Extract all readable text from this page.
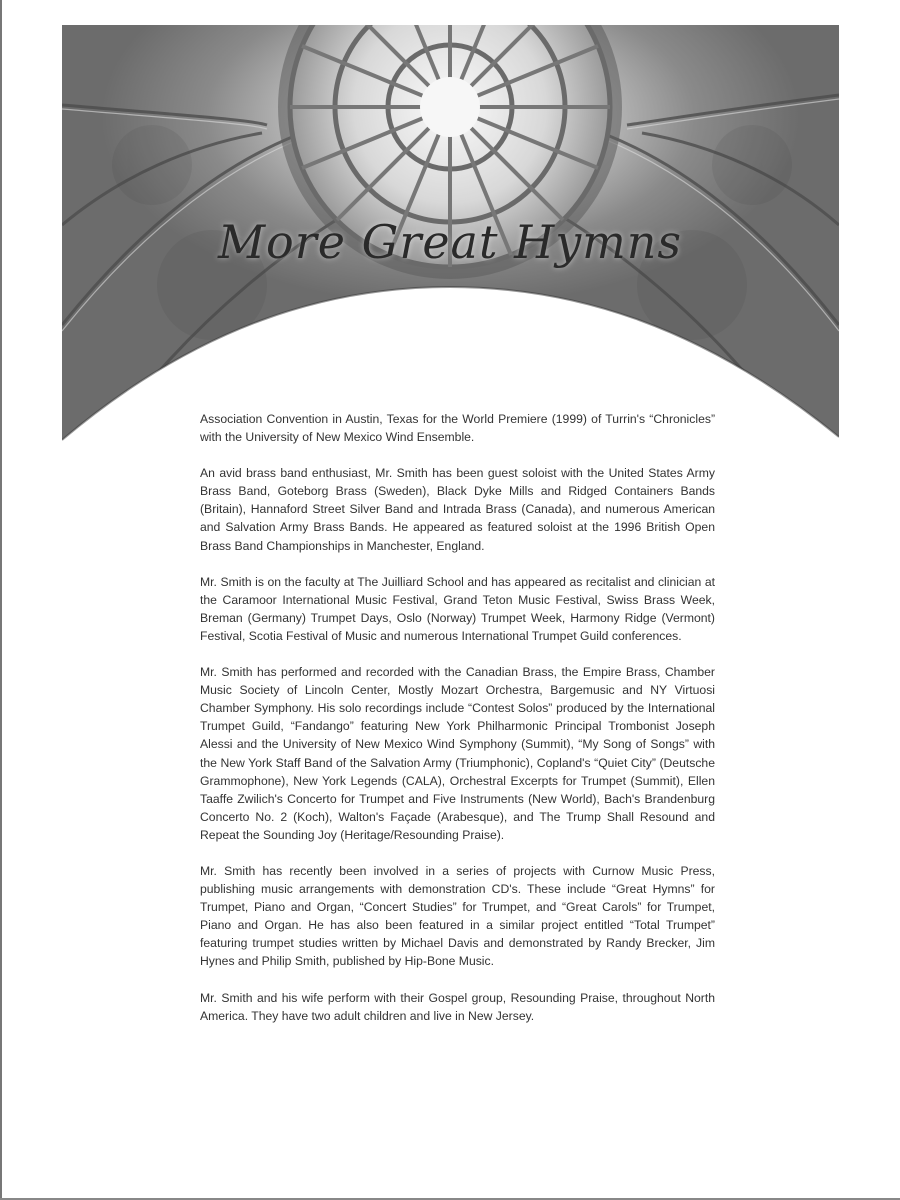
More Great Hymns

Association Convention in Austin, Texas for the World Premiere (1999) of Turrin's “Chronicles” with the University of New Mexico Wind Ensemble.

An avid brass band enthusiast, Mr. Smith has been guest soloist with the United States Army Brass Band, Goteborg Brass (Sweden), Black Dyke Mills and Ridged Containers Bands (Britain), Hannaford Street Silver Band and Intrada Brass (Canada), and numerous American and Salvation Army Brass Bands. He appeared as featured soloist at the 1996 British Open Brass Band Championships in Manchester, England.

Mr. Smith is on the faculty at The Juilliard School and has appeared as recitalist and clinician at the Caramoor International Music Festival, Grand Teton Music Festival, Swiss Brass Week, Breman (Germany) Trumpet Days, Oslo (Norway) Trumpet Week, Harmony Ridge (Vermont) Festival, Scotia Festival of Music and numerous International Trumpet Guild conferences.

Mr. Smith has performed and recorded with the Canadian Brass, the Empire Brass, Chamber Music Society of Lincoln Center, Mostly Mozart Orchestra, Bargemusic and NY Virtuosi Chamber Symphony. His solo recordings include “Contest Solos” produced by the International Trumpet Guild, “Fandango” featuring New York Philharmonic Principal Trombonist Joseph Alessi and the University of New Mexico Wind Symphony (Summit), “My Song of Songs” with the New York Staff Band of the Salvation Army (Triumphonic), Copland's “Quiet City” (Deutsche Grammophone), New York Legends (CALA), Orchestral Excerpts for Trumpet (Summit), Ellen Taaffe Zwilich's Concerto for Trumpet and Five Instruments (New World), Bach's Brandenburg Concerto No. 2 (Koch), Walton's Façade (Arabesque), and The Trump Shall Resound and Repeat the Sounding Joy (Heritage/Resounding Praise).

Mr. Smith has recently been involved in a series of projects with Curnow Music Press, publishing music arrangements with demonstration CD's. These include “Great Hymns” for Trumpet, Piano and Organ, “Concert Studies” for Trumpet, and “Great Carols” for Trumpet, Piano and Organ. He has also been featured in a similar project entitled “Total Trumpet” featuring trumpet studies written by Michael Davis and demonstrated by Randy Brecker, Jim Hynes and Philip Smith, published by Hip-Bone Music.

Mr. Smith and his wife perform with their Gospel group, Resounding Praise, throughout North America. They have two adult children and live in New Jersey.
